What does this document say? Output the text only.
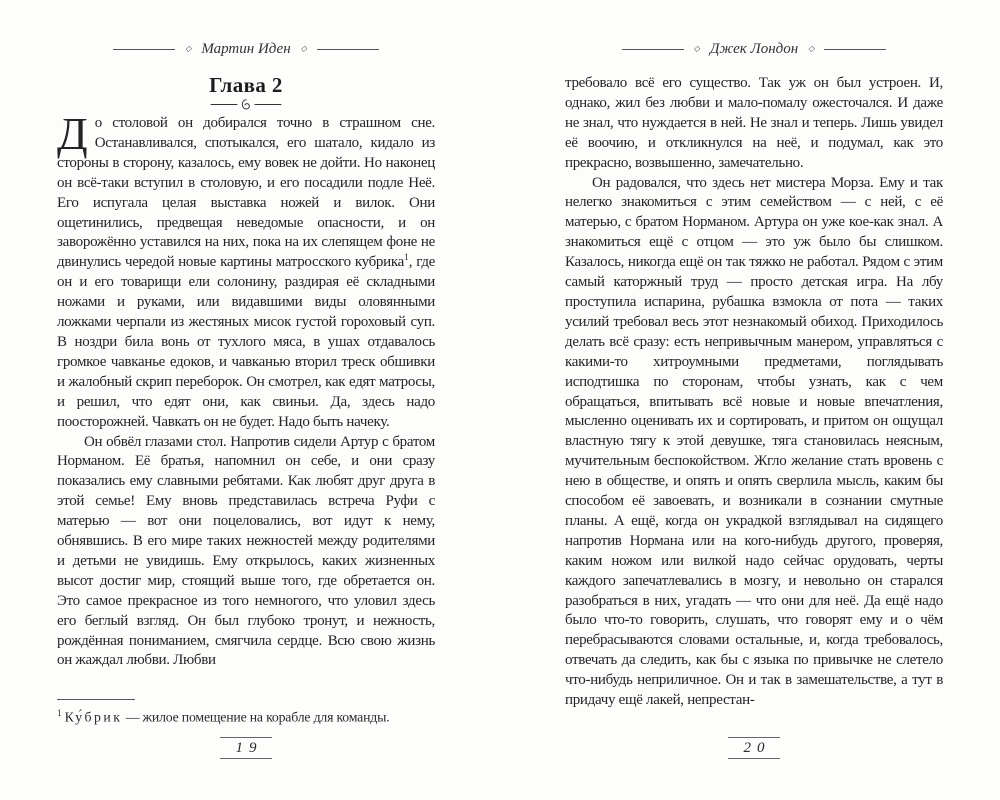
◇ Мартин Иден ◇
Глава 2

До столовой он добирался точно в страшном сне. Останавливался, спотыкался, его шатало, кидало из стороны в сторону, казалось, ему вовек не дойти. Но наконец он всё-таки вступил в столовую, и его посадили подле Неё. Его испугала целая выставка ножей и вилок. Они ощетинились, предвещая неведомые опасности, и он заворожённо уставился на них, пока на их слепящем фоне не двинулись чередой новые картины матросского кубрика$^1$, где он и его товарищи ели солонину, раздирая её складными ножами и руками, или видавшими виды оловянными ложками черпали из жестяных мисок густой гороховый суп. В ноздри била вонь от тухлого мяса, в ушах отдавалось громкое чавканье едоков, и чавканью вторил треск обшивки и жалобный скрип переборок. Он смотрел, как едят матросы, и решил, что едят они, как свиньи. Да, здесь надо поосторожней. Чавкать он не будет. Надо быть начеку.

Он обвёл глазами стол. Напротив сидели Артур с братом Норманом. Её братья, напомнил он себе, и они сразу показались ему славными ребятами. Как любят друг друга в этой семье! Ему вновь представилась встреча Руфи с матерью — вот они поцеловались, вот идут к нему, обнявшись. В его мире таких нежностей между родителями и детьми не увидишь. Ему открылось, каких жизненных высот достиг мир, стоящий выше того, где обретается он. Это самое прекрасное из того немногого, что уловил здесь его беглый взгляд. Он был глубоко тронут, и нежность, рождённая пониманием, смягчила сердце. Всю свою жизнь он жаждал любви. Любви

$^1$ Ку́брик — жилое помещение на корабле для команды.
19
◇ Джек Лондон ◇

требовало всё его существо. Так уж он был устроен. И, однако, жил без любви и мало-помалу ожесточался. И даже не знал, что нуждается в ней. Не знал и теперь. Лишь увидел её воочию, и откликнулся на неё, и подумал, как это прекрасно, возвышенно, замечательно.

Он радовался, что здесь нет мистера Морза. Ему и так нелегко знакомиться с этим семейством — с ней, с её матерью, с братом Норманом. Артура он уже кое-как знал. А знакомиться ещё с отцом — это уж было бы слишком. Казалось, никогда ещё он так тяжко не работал. Рядом с этим самый каторжный труд — просто детская игра. На лбу проступила испарина, рубашка взмокла от пота — таких усилий требовал весь этот незнакомый обиход. Приходилось делать всё сразу: есть непривычным манером, управляться с какими-то хитроумными предметами, поглядывать исподтишка по сторонам, чтобы узнать, как с чем обращаться, впитывать всё новые и новые впечатления, мысленно оценивать их и сортировать, и притом он ощущал властную тягу к этой девушке, тяга становилась неясным, мучительным беспокойством. Жгло желание стать вровень с нею в обществе, и опять и опять сверлила мысль, каким бы способом её завоевать, и возникали в сознании смутные планы. А ещё, когда он украдкой взглядывал на сидящего напротив Нормана или на кого-нибудь другого, проверяя, каким ножом или вилкой надо сейчас орудовать, черты каждого запечатлевались в мозгу, и невольно он старался разобраться в них, угадать — что они для неё. Да ещё надо было что-то говорить, слушать, что говорят ему и о чём перебрасываются словами остальные, и, когда требовалось, отвечать да следить, как бы с языка по привычке не слетело что-нибудь неприличное. Он и так в замешательстве, а тут в придачу ещё лакей, непрестан-

20
